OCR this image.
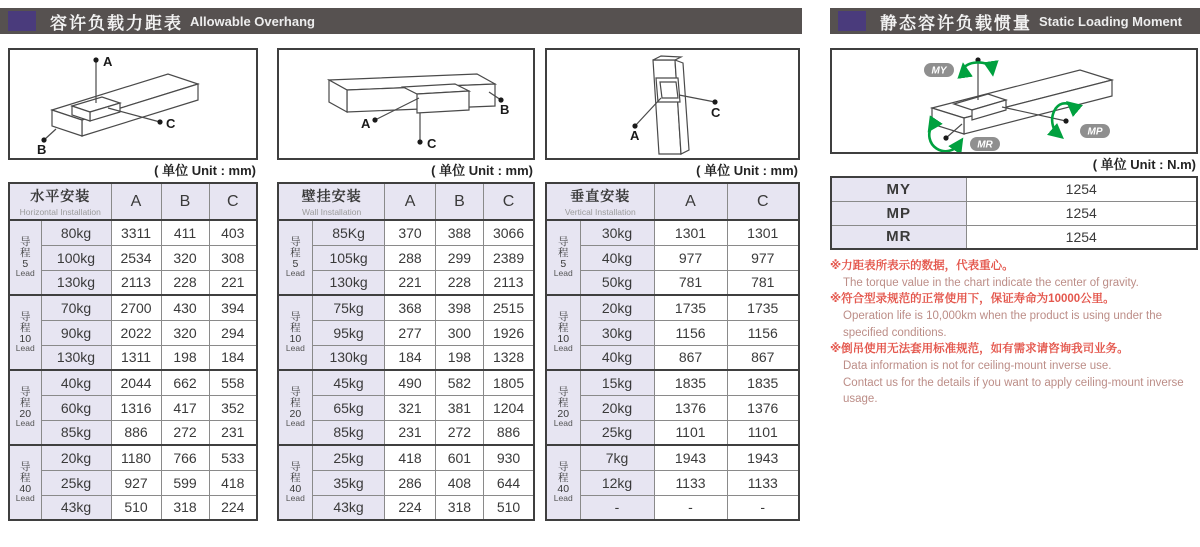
容许负载力距表 Allowable Overhang	静态容许负载惯量 Static Loading Moment
A
B
C
( 单位 Unit : mm)
水平安装
Horizontal Installation		A	B	C

导
程
5
Lead	80kg	3311	411	403
	100kg	2534	320	308
	130kg	2113	228	221

导
程
10
Lead	70kg	2700	430	394
	90kg	2022	320	294
	130kg	1311	198	184

导
程
20
Lead	40kg	2044	662	558
	60kg	1316	417	352
	85kg	886	272	231

导
程
40
Lead	20kg	1180	766	533
	25kg	927	599	418
	43kg	510	318	224
A
B
C
( 单位 Unit : mm)
壁挂安装
Wall Installation		A	B	C

导
程
5
Lead	85Kg	370	388	3066
	105kg	288	299	2389
	130kg	221	228	2113

导
程
10
Lead	75kg	368	398	2515
	95kg	277	300	1926
	130kg	184	198	1328

导
程
20
Lead	45kg	490	582	1805
	65kg	321	381	1204
	85kg	231	272	886

导
程
40
Lead	25kg	418	601	930
	35kg	286	408	644
	43kg	224	318	510
A
C
( 单位 Unit : mm)
垂直安装
Vertical Installation		A	C

导
程
5
Lead	30kg	1301	1301
	40kg	977	977
	50kg	781	781

导
程
10
Lead	20kg	1735	1735
	30kg	1156	1156
	40kg	867	867

导
程
20
Lead	15kg	1835	1835
	20kg	1376	1376
	25kg	1101	1101

导
程
40
Lead	7kg	1943	1943
	12kg	1133	1133
	-	-	-
MY
MP
MR
( 单位 Unit : N.m)
MY	1254
MP	1254
MR	1254
※力距表所表示的数据，代表重心。
The torque value in the chart indicate the center of gravity.
※符合型录规范的正常使用下，保证寿命为10000公里。
Operation life is 10,000km when the product is using under the specified conditions.
※倒吊使用无法套用标准规范，如有需求请咨询我司业务。
Data information is not for ceiling-mount inverse use.
Contact us for the details if you want to apply ceiling-mount inverse usage.
